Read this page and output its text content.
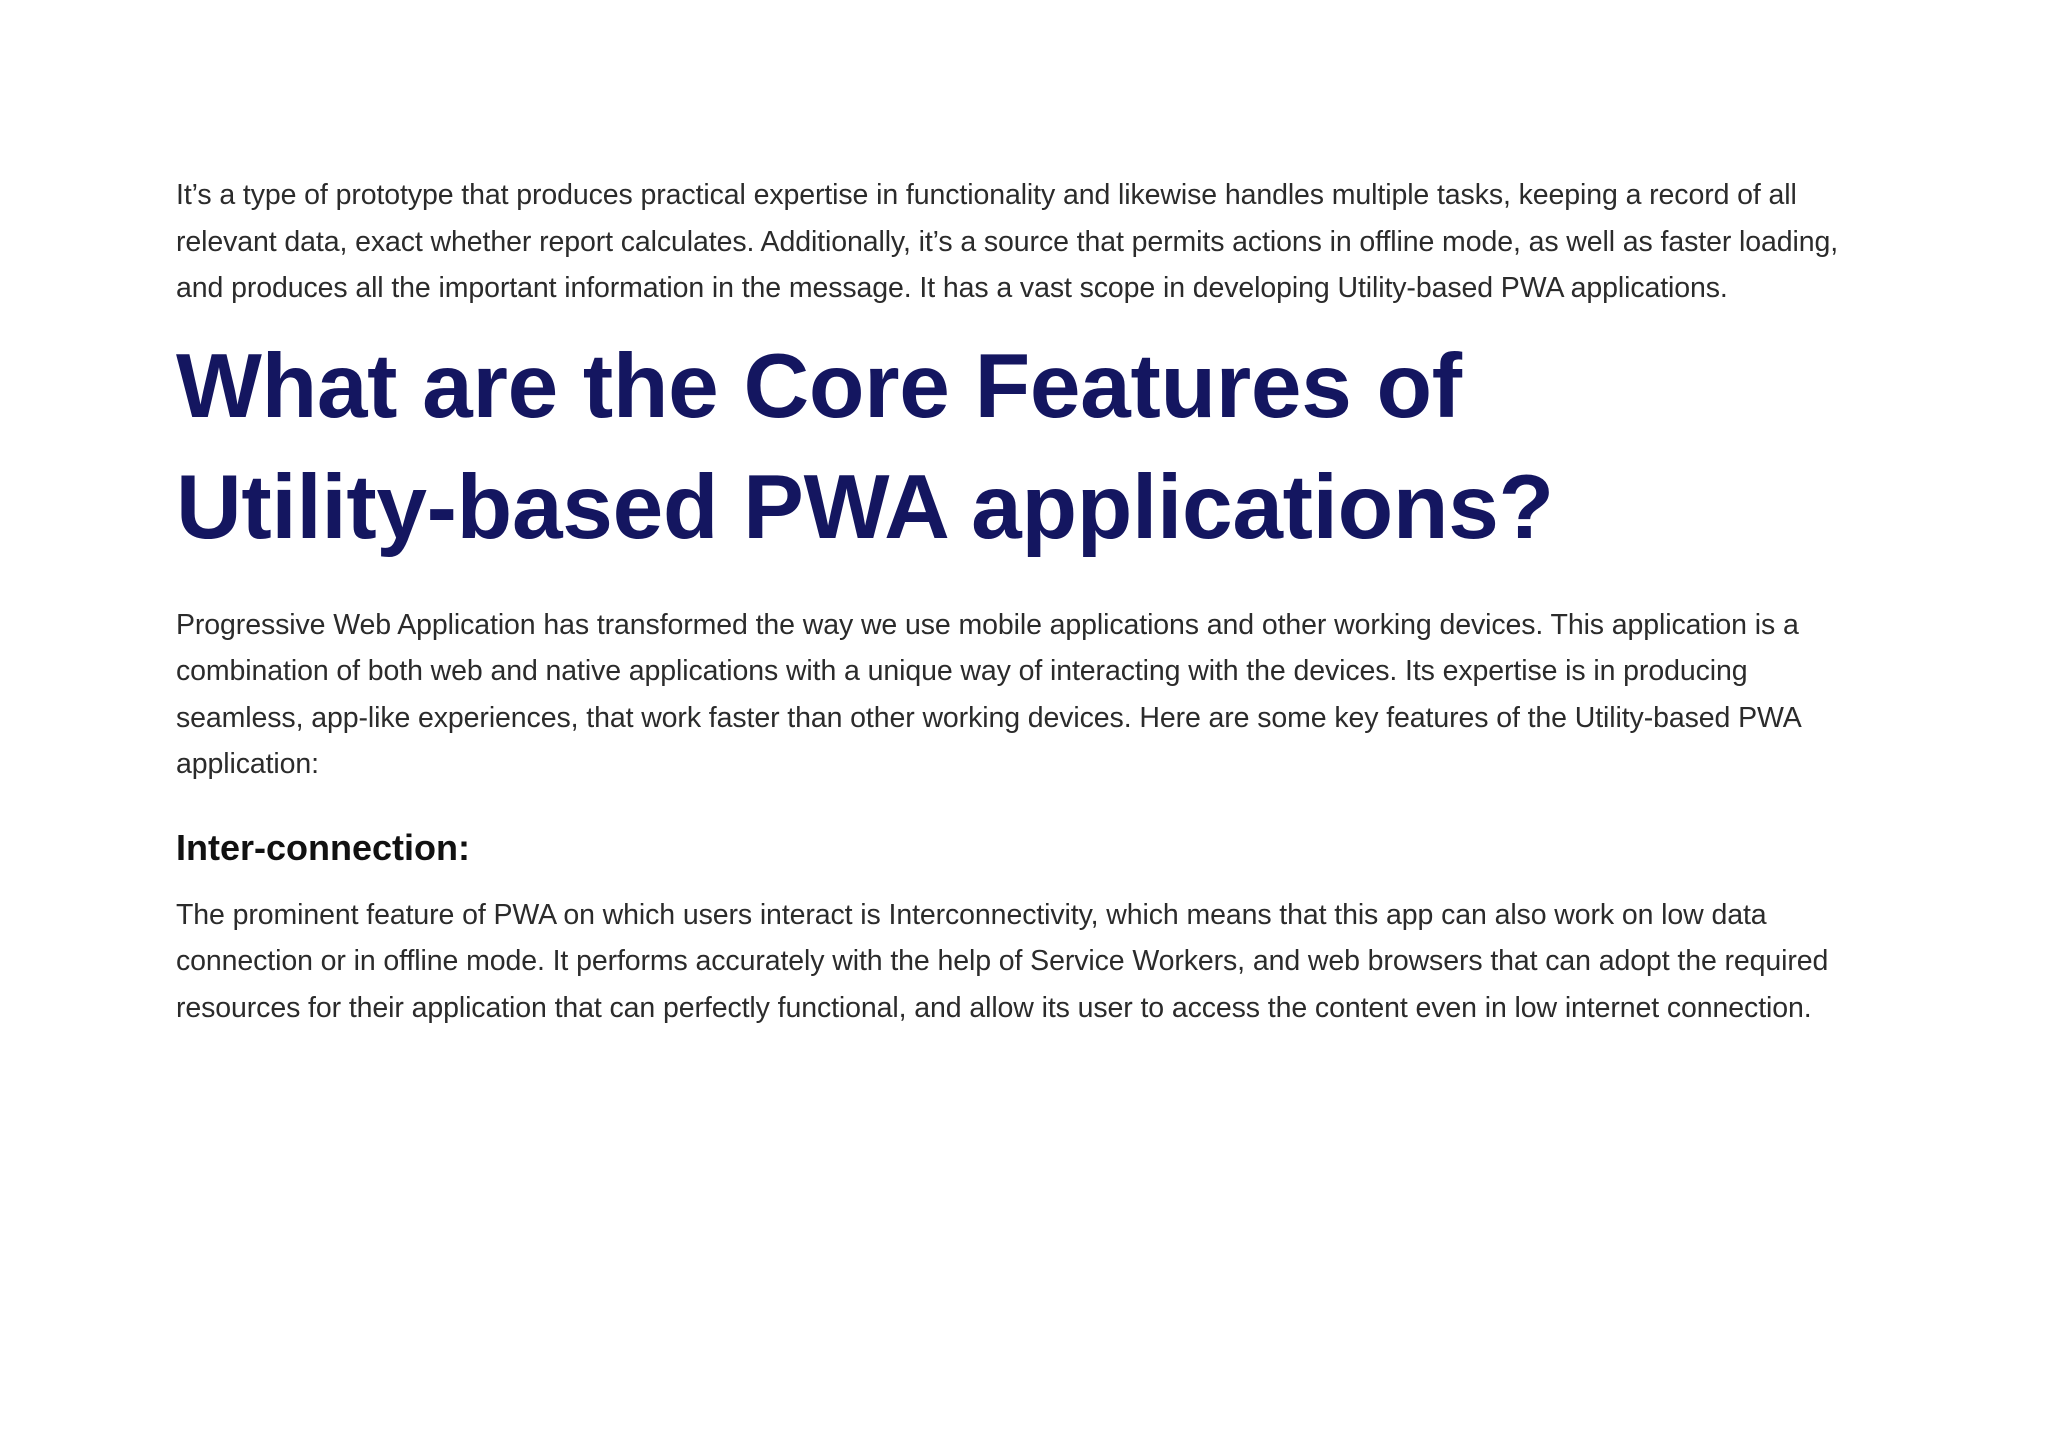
It’s a type of prototype that produces practical expertise in functionality and likewise handles multiple tasks, keeping a record of all relevant data, exact whether report calculates. Additionally, it’s a source that permits actions in offline mode, as well as faster loading, and produces all the important information in the message. It has a vast scope in developing Utility-based PWA applications.

What are the Core Features of Utility-based PWA applications?

Progressive Web Application has transformed the way we use mobile applications and other working devices. This application is a combination of both web and native applications with a unique way of interacting with the devices. Its expertise is in producing seamless, app-like experiences, that work faster than other working devices. Here are some key features of the Utility-based PWA application:

Inter-connection:

The prominent feature of PWA on which users interact is Interconnectivity, which means that this app can also work on low data connection or in offline mode. It performs accurately with the help of Service Workers, and web browsers that can adopt the required resources for their application that can perfectly functional, and allow its user to access the content even in low internet connection.
